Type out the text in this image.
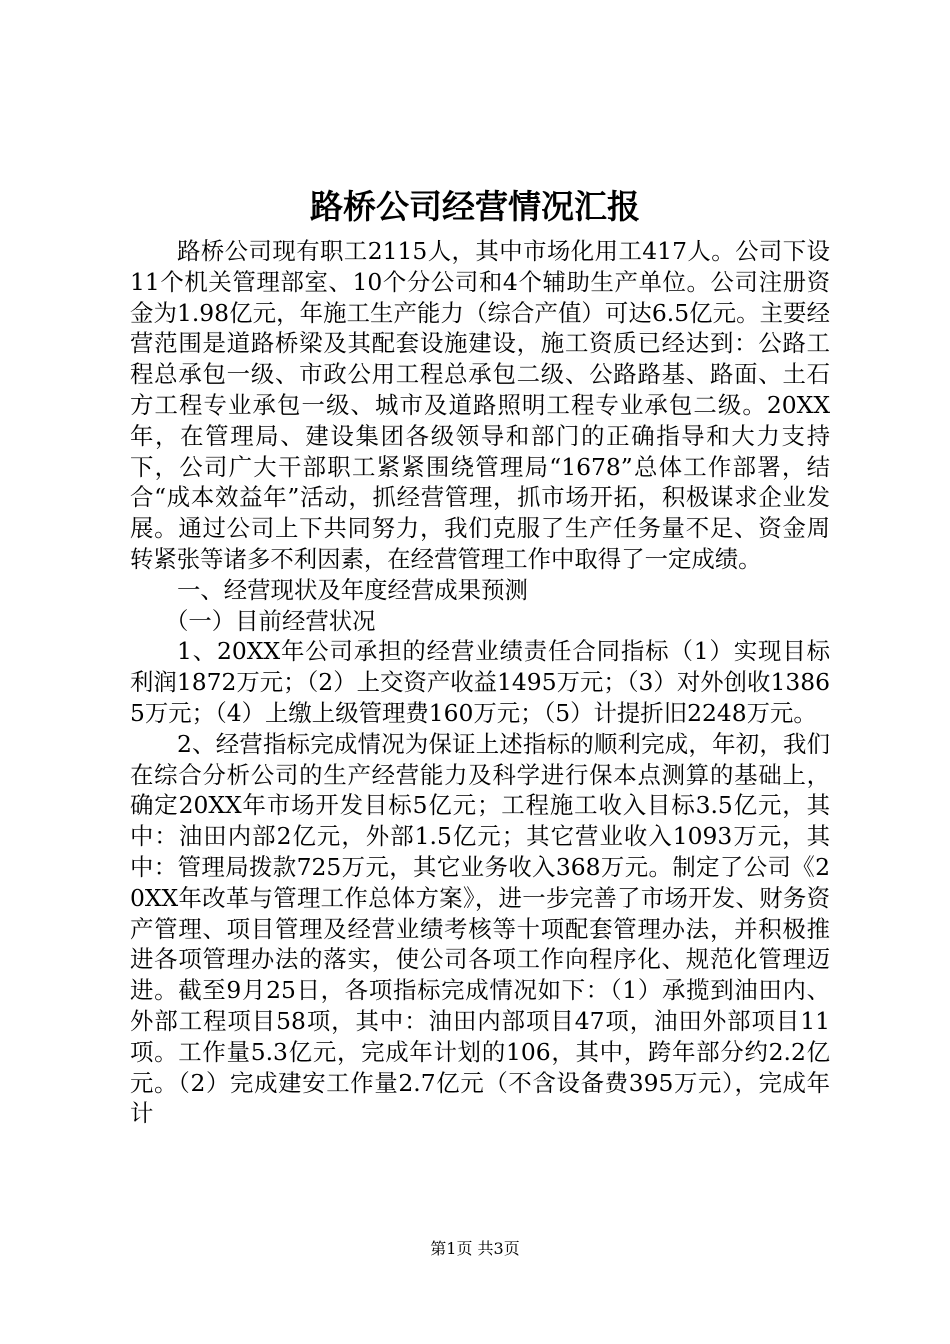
路桥公司经营情况汇报

路桥公司现有职工2115人，其中市场化用工417人。公司下设11个机关管理部室、10个分公司和4个辅助生产单位。公司注册资金为1.98亿元，年施工生产能力（综合产值）可达6.5亿元。主要经营范围是道路桥梁及其配套设施建设，施工资质已经达到：公路工程总承包一级、市政公用工程总承包二级、公路路基、路面、土石方工程专业承包一级、城市及道路照明工程专业承包二级。20XX年，在管理局、建设集团各级领导和部门的正确指导和大力支持下，公司广大干部职工紧紧围绕管理局“1678”总体工作部署，结合“成本效益年”活动，抓经营管理，抓市场开拓，积极谋求企业发展。通过公司上下共同努力，我们克服了生产任务量不足、资金周转紧张等诸多不利因素，在经营管理工作中取得了一定成绩。

一、经营现状及年度经营成果预测

（一）目前经营状况

1、20XX年公司承担的经营业绩责任合同指标（1）实现目标利润1872万元；（2）上交资产收益1495万元；（3）对外创收13865万元；（4）上缴上级管理费160万元；（5）计提折旧2248万元。

2、经营指标完成情况为保证上述指标的顺利完成，年初，我们在综合分析公司的生产经营能力及科学进行保本点测算的基础上，确定20XX年市场开发目标5亿元；工程施工收入目标3.5亿元，其中：油田内部2亿元，外部1.5亿元；其它营业收入1093万元，其中：管理局拨款725万元，其它业务收入368万元。制定了公司《20XX年改革与管理工作总体方案》，进一步完善了市场开发、财务资产管理、项目管理及经营业绩考核等十项配套管理办法，并积极推进各项管理办法的落实，使公司各项工作向程序化、规范化管理迈进。截至9月25日，各项指标完成情况如下：（1）承揽到油田内、外部工程项目58项，其中：油田内部项目47项，油田外部项目11项。工作量5.3亿元，完成年计划的106，其中，跨年部分约2.2亿元。（2）完成建安工作量2.7亿元（不含设备费395万元），完成年计

第1页 共3页
